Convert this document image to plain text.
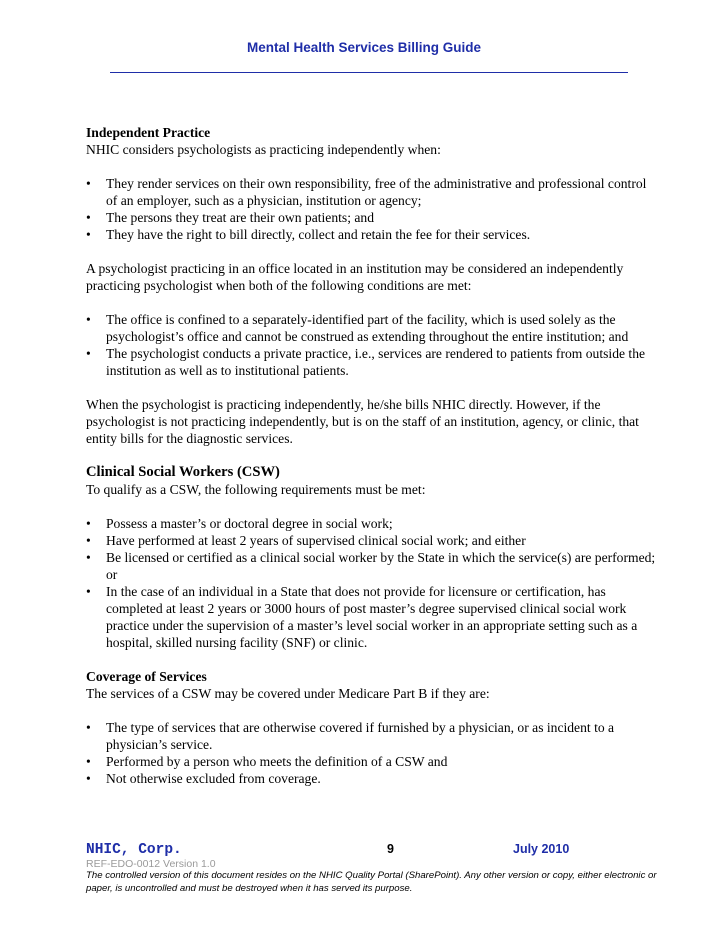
Mental Health Services Billing Guide
Independent Practice

NHIC considers psychologists as practicing independently when:

• They render services on their own responsibility, free of the administrative and professional control of an employer, such as a physician, institution or agency;
• The persons they treat are their own patients; and
• They have the right to bill directly, collect and retain the fee for their services.

A psychologist practicing in an office located in an institution may be considered an independently practicing psychologist when both of the following conditions are met:

• The office is confined to a separately-identified part of the facility, which is used solely as the psychologist’s office and cannot be construed as extending throughout the entire institution; and
• The psychologist conducts a private practice, i.e., services are rendered to patients from outside the institution as well as to institutional patients.

When the psychologist is practicing independently, he/she bills NHIC directly. However, if the psychologist is not practicing independently, but is on the staff of an institution, agency, or clinic, that entity bills for the diagnostic services.

Clinical Social Workers (CSW)

To qualify as a CSW, the following requirements must be met:

• Possess a master’s or doctoral degree in social work;
• Have performed at least 2 years of supervised clinical social work; and either
• Be licensed or certified as a clinical social worker by the State in which the service(s) are performed; or
• In the case of an individual in a State that does not provide for licensure or certification, has completed at least 2 years or 3000 hours of post master’s degree supervised clinical social work practice under the supervision of a master’s level social worker in an appropriate setting such as a hospital, skilled nursing facility (SNF) or clinic.
Coverage of Services

The services of a CSW may be covered under Medicare Part B if they are:

• The type of services that are otherwise covered if furnished by a physician, or as incident to a physician’s service.
• Performed by a person who meets the definition of a CSW and
• Not otherwise excluded from coverage.
NHIC, Corp.	9	July 2010
REF-EDO-0012 Version 1.0
The controlled version of this document resides on the NHIC Quality Portal (SharePoint). Any other version or copy, either electronic or paper, is uncontrolled and must be destroyed when it has served its purpose.
